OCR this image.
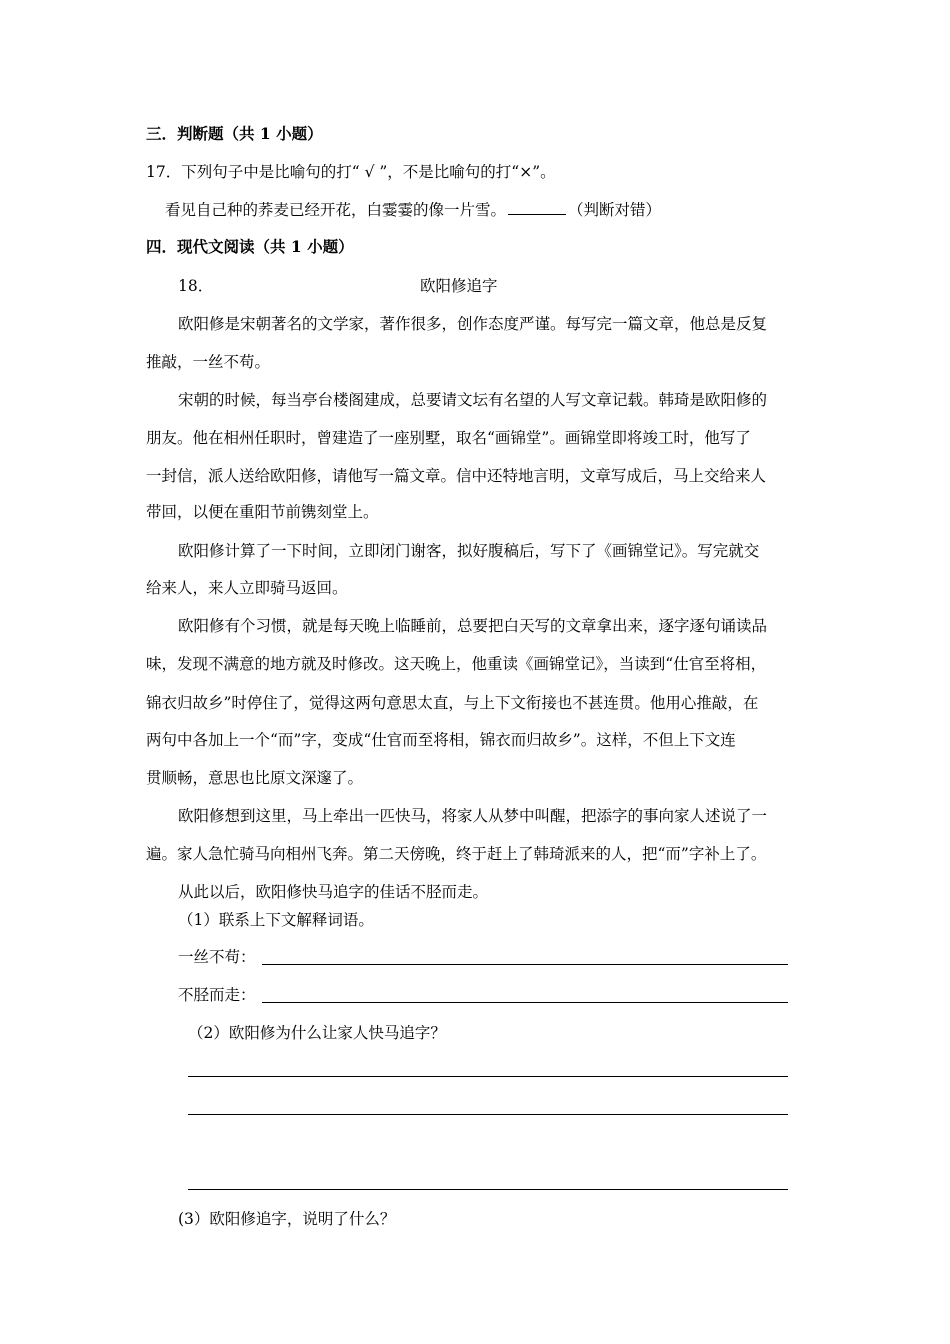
三．判断题（共 1 小题）
17．下列句子中是比喻句的打“ √ ”，不是比喻句的打“×”。
看见自己种的荞麦已经开花，白霎霎的像一片雪。	（判断对错）
四．现代文阅读（共 1 小题）
18．	欧阳修追字
欧阳修是宋朝著名的文学家，著作很多，创作态度严谨。每写完一篇文章，他总是反复
推敲，一丝不苟。
宋朝的时候，每当亭台楼阁建成，总要请文坛有名望的人写文章记载。韩琦是欧阳修的
朋友。他在相州任职时，曾建造了一座别墅，取名“画锦堂”。画锦堂即将竣工时，他写了
一封信，派人送给欧阳修，请他写一篇文章。信中还特地言明，文章写成后，马上交给来人
带回，以便在重阳节前镌刻堂上。
欧阳修计算了一下时间，立即闭门谢客，拟好腹稿后，写下了《画锦堂记》。写完就交
给来人，来人立即骑马返回。
欧阳修有个习惯，就是每天晚上临睡前，总要把白天写的文章拿出来，逐字逐句诵读品
味，发现不满意的地方就及时修改。这天晚上，他重读《画锦堂记》，当读到“仕官至将相，
锦衣归故乡”时停住了，觉得这两句意思太直，与上下文衔接也不甚连贯。他用心推敲，在
两句中各加上一个“而”字，变成“仕官而至将相，锦衣而归故乡”。这样，不但上下文连
贯顺畅，意思也比原文深邃了。
欧阳修想到这里，马上牵出一匹快马，将家人从梦中叫醒，把添字的事向家人述说了一
遍。家人急忙骑马向相州飞奔。第二天傍晚，终于赶上了韩琦派来的人，把“而”字补上了。
从此以后，欧阳修快马追字的佳话不胫而走。
（1）联系上下文解释词语。
一丝不苟：
不胫而走：
（2）欧阳修为什么让家人快马追字？
(3）欧阳修追字，说明了什么？
